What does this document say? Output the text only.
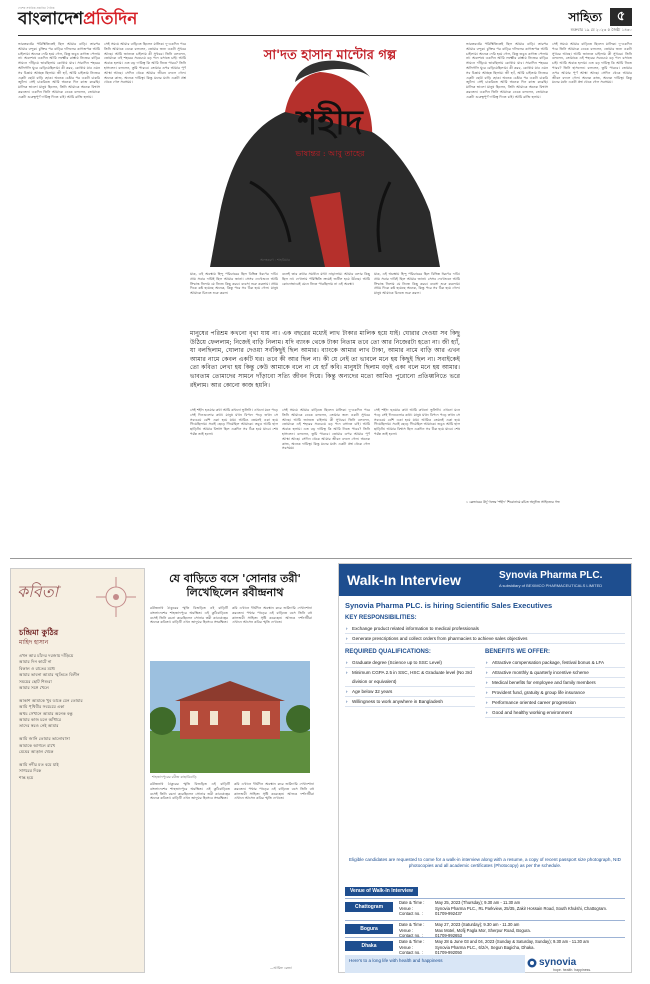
দেশের সর্বাধিক প্রচারিত দৈনিক
বাংলাদেশপ্রতিদিন	সাহিত্য	৫
শুক্রবার ১৯ মে ২০২৩ ৫ জৈষ্ঠ্য ১৪৩০
ভারতবর্ষের পরিস্থিতিতেই ছিল আমার বাড়ি। তারপর আমার বন্দুক। চুক্তির পর বাড়ির দলিলের কাগজপত্র আমি চাইলাম। অনেক দেরি হয়ে গেল, কিন্তু তবুও কাগজ পেলাম না। অবশেষে একদিন আমি লক্ষ্মৌর রাস্তায় নিজের বাড়ির সামনে দাঁড়িয়ে ভাবছিলাম কোথায় যাব। সারাদিন শহরের অলিগলি ঘুরে বেড়িয়েছিলাম। কী করব, কোথায় যাব এমন সব চিন্তায় আচ্ছন্ন ছিলাম। জী হ্যাঁ, আমি চাইতাম নিজের একটা ছোট্ট বাড়ি হোক। অনেক চেষ্টার পর একটা চাকরি জুটল। সেই চাকরিতে আমি অনেক দিন কাজ করেছি। মালিক ভালো মানুষ ছিলেন, তিনি আমাকে অনেক বিশ্বাস করতেন। একদিন তিনি আমাকে ডেকে বললেন, তোমাকে একটা গুরুত্বপূর্ণ দায়িত্ব দিতে চাই। আমি রাজি হলাম।
সেই সময়ে আমার বাড়িতে ছিলেন মালিক। দু-একদিন পরে তিনি আমাকে ডেকে বললেন, তোমার জন্য একটা সুখবর আছে। আমি জানতে চাইলাম কী সুখবর। তিনি বললেন, তোমাকে এই শহরের সবচেয়ে বড় পদে বসাতে চাই। আমি অবাক হলাম। এত বড় দায়িত্ব কি আমি নিতে পারব? তিনি হাসলেন। বললেন, তুমি পারবে। তোমার ওপর আমার পূর্ণ আস্থা আছে। সেদিন থেকে আমার জীবন বদলে গেল। অনেক কাজ, অনেক দায়িত্ব। কিন্তু মনের মধ্যে একটা প্রশ্ন থেকে গেল সবসময়।
অলংকরণ : শাহরিয়ার
সা'দত হাসান মান্টোর গল্প
শহীদ
ভাষান্তর : আবু তাহের
ভারতবর্ষের পরিস্থিতিতেই ছিল আমার বাড়ি। তারপর আমার বন্দুক। চুক্তির পর বাড়ির দলিলের কাগজপত্র আমি চাইলাম। অনেক দেরি হয়ে গেল, কিন্তু তবুও কাগজ পেলাম না। অবশেষে একদিন আমি লক্ষ্মৌর রাস্তায় নিজের বাড়ির সামনে দাঁড়িয়ে ভাবছিলাম কোথায় যাব। সারাদিন শহরের অলিগলি ঘুরে বেড়িয়েছিলাম। কী করব, কোথায় যাব এমন সব চিন্তায় আচ্ছন্ন ছিলাম। জী হ্যাঁ, আমি চাইতাম নিজের একটা ছোট্ট বাড়ি হোক। অনেক চেষ্টার পর একটা চাকরি জুটল। সেই চাকরিতে আমি অনেক দিন কাজ করেছি। মালিক ভালো মানুষ ছিলেন, তিনি আমাকে অনেক বিশ্বাস করতেন। একদিন তিনি আমাকে ডেকে বললেন, তোমাকে একটা গুরুত্বপূর্ণ দায়িত্ব দিতে চাই। আমি রাজি হলাম।
সেই সময়ে আমার বাড়িতে ছিলেন মালিক। দু-একদিন পরে তিনি আমাকে ডেকে বললেন, তোমার জন্য একটা সুখবর আছে। আমি জানতে চাইলাম কী সুখবর। তিনি বললেন, তোমাকে এই শহরের সবচেয়ে বড় পদে বসাতে চাই। আমি অবাক হলাম। এত বড় দায়িত্ব কি আমি নিতে পারব? তিনি হাসলেন। বললেন, তুমি পারবে। তোমার ওপর আমার পূর্ণ আস্থা আছে। সেদিন থেকে আমার জীবন বদলে গেল। অনেক কাজ, অনেক দায়িত্ব। কিন্তু মনের মধ্যে একটা প্রশ্ন থেকে গেল সবসময়।
যাক, এই অবস্থায় হিন্দু পরিবারের ছিল বিভিন্ন ধরণের দাবি। প্রায় সবার দাবিই ছিল আমার জানা। সেসব দেখেশুনে আমি সিদ্ধান্ত নিলাম যে নিজে কিছু করব। ব্যবসা শুরু করলাম। প্রথম দিকে কষ্ট হয়েছে অনেক, কিন্তু পরে সব ঠিক হয়ে গেল। মানুষ আমাকে চিনতে শুরু করল।
বলেই তার কথার সমর্থনে মাথা নাড়ালাম। আমার বলার কিছু ছিল না। দেখলাম পরিস্থিতি ক্রমেই জটিল হয়ে উঠছে। আমি কোনোভাবেই মেনে নিতে পারছিলাম না এই অবস্থা।
যাক, এই অবস্থায় হিন্দু পরিবারের ছিল বিভিন্ন ধরণের দাবি। প্রায় সবার দাবিই ছিল আমার জানা। সেসব দেখেশুনে আমি সিদ্ধান্ত নিলাম যে নিজে কিছু করব। ব্যবসা শুরু করলাম। প্রথম দিকে কষ্ট হয়েছে অনেক, কিন্তু পরে সব ঠিক হয়ে গেল। মানুষ আমাকে চিনতে শুরু করল।
মানুষের পরিশ্রম কখনো বৃথা যায় না। এক বছরের মধ্যেই লাখ টাকার মালিক হয়ে যাই। ঘোরার দেওয়া সব কিছু উঠিয়ে ফেললাম; নিজেই বাড়ি নিলাম। যদি ব্যাংক থেকে টাকা নিতাম তবে তো আর নিজেরটা হতো না। জী হ্যাঁ, যা বলছিলাম, ঘোলার দেওয়া সর্বকিছুই ছিল আমার। ব্যাংকে আমার লাখ টাকা, আমার নামে বাড়ি আর এখন আমার নামে কেবল একটি ঘর। তবে কী আর ছিল না। কী যে নেই তা ভাবলে মনে হয় কিছুই ছিল না। সবাইকেই তো কবিতা লেখা হয় কিন্তু কেউ আমাকে বলে না যে হ্যাঁ কবি। মানুষটা ছিলাম বড়ই একা বলে মনে হয় আমার। ভাবতাম তোমাদের সামনে দাঁড়াবো সত্যি জীবন দিয়ে। কিন্তু অন্যদের মতো আমিও পুরোনো প্রতিধ্বনিতে ভরে রইলাম। আর কোনো কাজ হয়নি।
সেই শহীদ হওয়ার কথা আমি কখনো ভুলিনি। এখনো মনে পড়ে সেই দিনগুলোর কথা। মানুষ যখন বিপদে পড়ে তখন সে সবচেয়ে বেশি একা হয়ে যায়। আমিও তেমনই একা হয়ে গিয়েছিলাম। সবাই ছেড়ে গিয়েছিল আমাকে। তবুও আমি হাল ছাড়িনি। আমার বিশ্বাস ছিল একদিন সব ঠিক হয়ে যাবে। শেষ পর্যন্ত তাই হলো।
সেই সময়ে আমার বাড়িতে ছিলেন মালিক। দু-একদিন পরে তিনি আমাকে ডেকে বললেন, তোমার জন্য একটা সুখবর আছে। আমি জানতে চাইলাম কী সুখবর। তিনি বললেন, তোমাকে এই শহরের সবচেয়ে বড় পদে বসাতে চাই। আমি অবাক হলাম। এত বড় দায়িত্ব কি আমি নিতে পারব? তিনি হাসলেন। বললেন, তুমি পারবে। তোমার ওপর আমার পূর্ণ আস্থা আছে। সেদিন থেকে আমার জীবন বদলে গেল। অনেক কাজ, অনেক দায়িত্ব। কিন্তু মনের মধ্যে একটা প্রশ্ন থেকে গেল সবসময়।
সেই শহীদ হওয়ার কথা আমি কখনো ভুলিনি। এখনো মনে পড়ে সেই দিনগুলোর কথা। মানুষ যখন বিপদে পড়ে তখন সে সবচেয়ে বেশি একা হয়ে যায়। আমিও তেমনই একা হয়ে গিয়েছিলাম। সবাই ছেড়ে গিয়েছিল আমাকে। তবুও আমি হাল ছাড়িনি। আমার বিশ্বাস ছিল একদিন সব ঠিক হয়ে যাবে। শেষ পর্যন্ত তাই হলো।
১ ক্লেভারের উর্দু গল্পের 'শহীদ' শিরোনামে রচিত অনূদিত সাহিত্যের গল্প
কবিতা
চন্দ্রিমা কুঠির
মাহিদ হাসান
এখন আর চাঁদের দরজায় দাঁড়িয়ে
আমার দিন কাটে না
বিকাল ও রাতের মধ্যে
আমার ভাবনা আমার স্মৃতিতে বিলীন
সময়ের ছোট শিশুরা
আমার সঙ্গে খেলে

আকাশ আমাকে খুব ডাকে যেন তোমার
আমি পৃথিবীর সবচেয়ে একা
অথচ সেখানে আমার অনেক বন্ধু
আমার কাজ চলে আঁধারে
তাদের স্বরও নেই আমার

আমি জানি তোমার ভালোবাসা
আমাকে আগলে রাখে
মেঘের আড়াল থেকে

আমি নদীর মত বয়ে যাই
সাগরের দিকে
শান্ত হয়ে
যে বাড়িতে বসে 'সোনার তরী' লিখেছিলেন রবীন্দ্রনাথ
রবীন্দ্রনাথ ঠাকুরের স্মৃতি বিজড়িত এই বাড়িটি বাংলাদেশের শাহজাদপুরে অবস্থিত। এই কুঠিবাড়িতে বসেই তিনি রচনা করেছিলেন সোনার তরী কাব্যগ্রন্থের অনেক কবিতা। বাড়িটি এখন জাদুঘর হিসেবে সংরক্ষিত।
কবি এখানে দীর্ঘদিন অবস্থান করে জমিদারি দেখাশোনা করতেন। পদ্মার পাড়ের এই বাড়িতে বসে তিনি বহু কালজয়ী সাহিত্য সৃষ্টি করেছেন। আজও দর্শনার্থীরা এখানে আসেন কবির স্মৃতি দেখতে।
শাহজাদপুরের রবীন্দ্র কাছারিবাড়ি
রবীন্দ্রনাথ ঠাকুরের স্মৃতি বিজড়িত এই বাড়িটি বাংলাদেশের শাহজাদপুরে অবস্থিত। এই কুঠিবাড়িতে বসেই তিনি রচনা করেছিলেন সোনার তরী কাব্যগ্রন্থের অনেক কবিতা। বাড়িটি এখন জাদুঘর হিসেবে সংরক্ষিত।
কবি এখানে দীর্ঘদিন অবস্থান করে জমিদারি দেখাশোনা করতেন। পদ্মার পাড়ের এই বাড়িতে বসে তিনি বহু কালজয়ী সাহিত্য সৃষ্টি করেছেন। আজও দর্শনার্থীরা এখানে আসেন কবির স্মৃতি দেখতে।
—আরিফ রেজা
Walk-In Interview	Synovia Pharma PLC.
A subsidiary of BEXIMCO PHARMACEUTICALS LIMITED
Synovia Pharma PLC. is hiring Scientific Sales Executives
KEY RESPONSIBILITIES:
› Exchange product related information to medical professionals
› Generate prescriptions and collect orders from pharmacies to achieve sales objectives
REQUIRED QUALIFICATIONS:
› Graduate degree (Science up to SSC Level)
› Minimum CGPA 2.5 in SSC, HSC & Graduate level (No 3rd division or equivalent)
› Age below 32 years
› Willingness to work anywhere in Bangladesh
BENEFITS WE OFFER:
› Attractive compensation package, festival bonus & LFA
› Attractive monthly & quarterly incentive scheme
› Medical benefits for employee and family members
› Provident fund, gratuity & group life insurance
› Performance oriented career progression
› Good and healthy working environment
Eligible candidates are requested to come for a walk-in interview along with a resume, a copy of recent passport size photograph, NID photocopies and all academic certificates (Photocopy) as per the schedule.
Venue of Walk-In Interview
Chattogram
Date & Time :	May 25, 2023 (Thursday); 9.30 am - 11.30 am
Venue :	Synovia Pharma PLC., RL Parkview, 25/35, Zakir Hossain Road, South Khulshi, Chattogram.
Contact no. :	01709-992437
Bogura
Date & Time :	May 27, 2023 (Saturday); 9.30 am - 11.30 am
Venue :	Max Motel, Mofij Pagla Mor, Sherpur Road, Bogura.
Contact no. :	01709-992653
Dhaka
Date & Time :	May 28 & June 03 and 04, 2023 (Sunday & Saturday, Sunday); 9.30 am - 11.30 am
Venue :	Synovia Pharma PLC., 6/2/A, Segun Bagicha, Dhaka.
Contact no. :	01709-992050
Here's to a long life with health and happiness	synovia
hope. health. happiness.
